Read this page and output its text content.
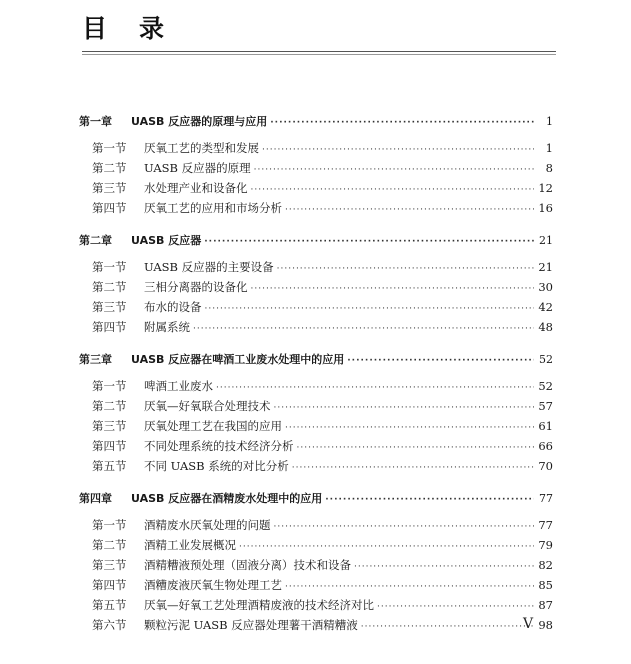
目录
第一章	UASB 反应器的原理与应用 ·····	1
第一节	厌氧工艺的类型和发展 ·····	1
第二节	UASB 反应器的原理 ·····	8
第三节	水处理产业和设备化 ·····	12
第四节	厌氧工艺的应用和市场分析 ·····	16
第二章	UASB 反应器 ·····	21
第一节	UASB 反应器的主要设备 ·····	21
第二节	三相分离器的设备化 ·····	30
第三节	布水的设备 ·····	42
第四节	附属系统 ·····	48
第三章	UASB 反应器在啤酒工业废水处理中的应用 ·····	52
第一节	啤酒工业废水 ·····	52
第二节	厌氧—好氧联合处理技术 ·····	57
第三节	厌氧处理工艺在我国的应用 ·····	61
第四节	不同处理系统的技术经济分析 ·····	66
第五节	不同 UASB 系统的对比分析 ·····	70
第四章	UASB 反应器在酒精废水处理中的应用 ·····	77
第一节	酒精废水厌氧处理的问题 ·····	77
第二节	酒精工业发展概况 ·····	79
第三节	酒精糟液预处理（固液分离）技术和设备 ·····	82
第四节	酒糟废液厌氧生物处理工艺 ·····	85
第五节	厌氧—好氧工艺处理酒精废液的技术经济对比 ·····	87
第六节	颗粒污泥 UASB 反应器处理薯干酒精糟液 ·····	98
V
